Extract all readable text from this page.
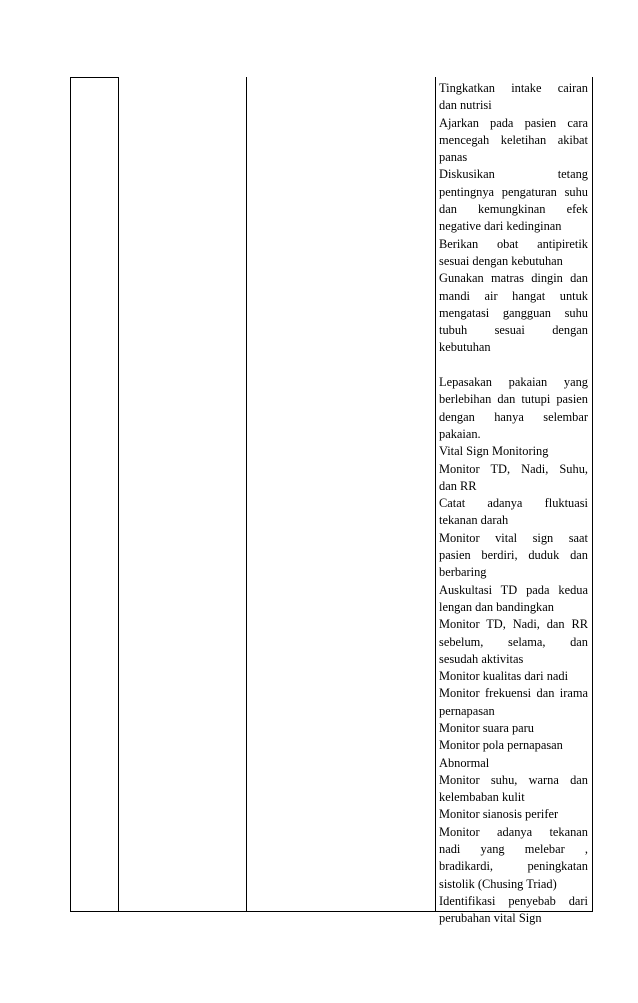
Tingkatkan intake cairan
dan nutrisi
Ajarkan pada pasien cara
mencegah keletihan akibat
panas
Diskusikan tetang
pentingnya pengaturan suhu
dan kemungkinan efek
negative dari kedinginan
Berikan obat antipiretik
sesuai dengan kebutuhan
Gunakan matras dingin dan
mandi air hangat untuk
mengatasi gangguan suhu
tubuh sesuai dengan
kebutuhan
Lepasakan pakaian yang
berlebihan dan tutupi pasien
dengan hanya selembar
pakaian.
Vital Sign Monitoring
Monitor TD, Nadi, Suhu,
dan RR
Catat adanya fluktuasi
tekanan darah
Monitor vital sign saat
pasien berdiri, duduk dan
berbaring
Auskultasi TD pada kedua
lengan dan bandingkan
Monitor TD, Nadi, dan RR
sebelum, selama, dan
sesudah aktivitas
Monitor kualitas dari nadi
Monitor frekuensi dan irama
pernapasan
Monitor suara paru
Monitor pola pernapasan
Abnormal
Monitor suhu, warna dan
kelembaban kulit
Monitor sianosis perifer
Monitor adanya tekanan
nadi yang melebar ,
bradikardi, peningkatan
sistolik (Chusing Triad)
Identifikasi penyebab dari
perubahan vital Sign
